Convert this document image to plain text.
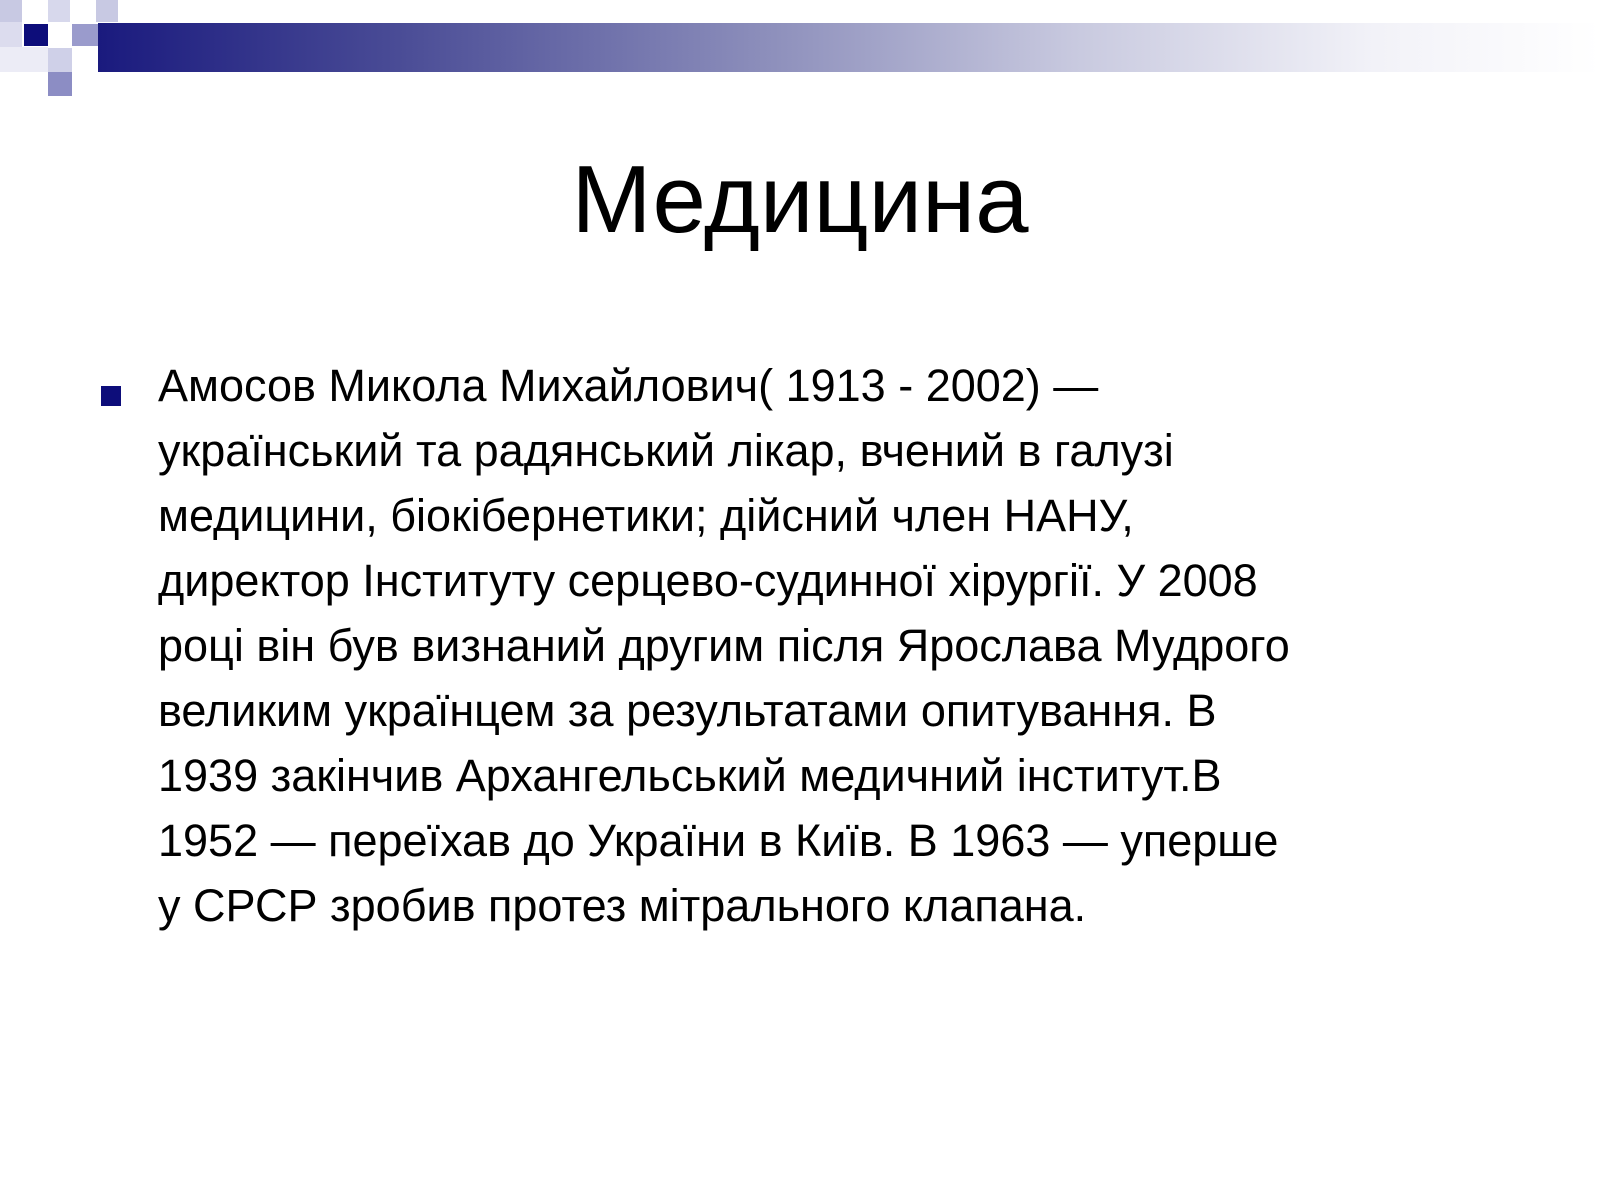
Медицина
Амосов Микола Михайлович( 1913 - 2002) —
український та радянський лікар, вчений в галузі
медицини, біокібернетики; дійсний член НАНУ,
директор Інституту серцево-судинної хірургії. У 2008
році він був визнаний другим після Ярослава Мудрого
великим українцем за результатами опитування. В
1939 закінчив Архангельський медичний інститут.В
1952 — переїхав до України в Київ. В 1963 — уперше
у СРСР зробив протез мітрального клапана.
